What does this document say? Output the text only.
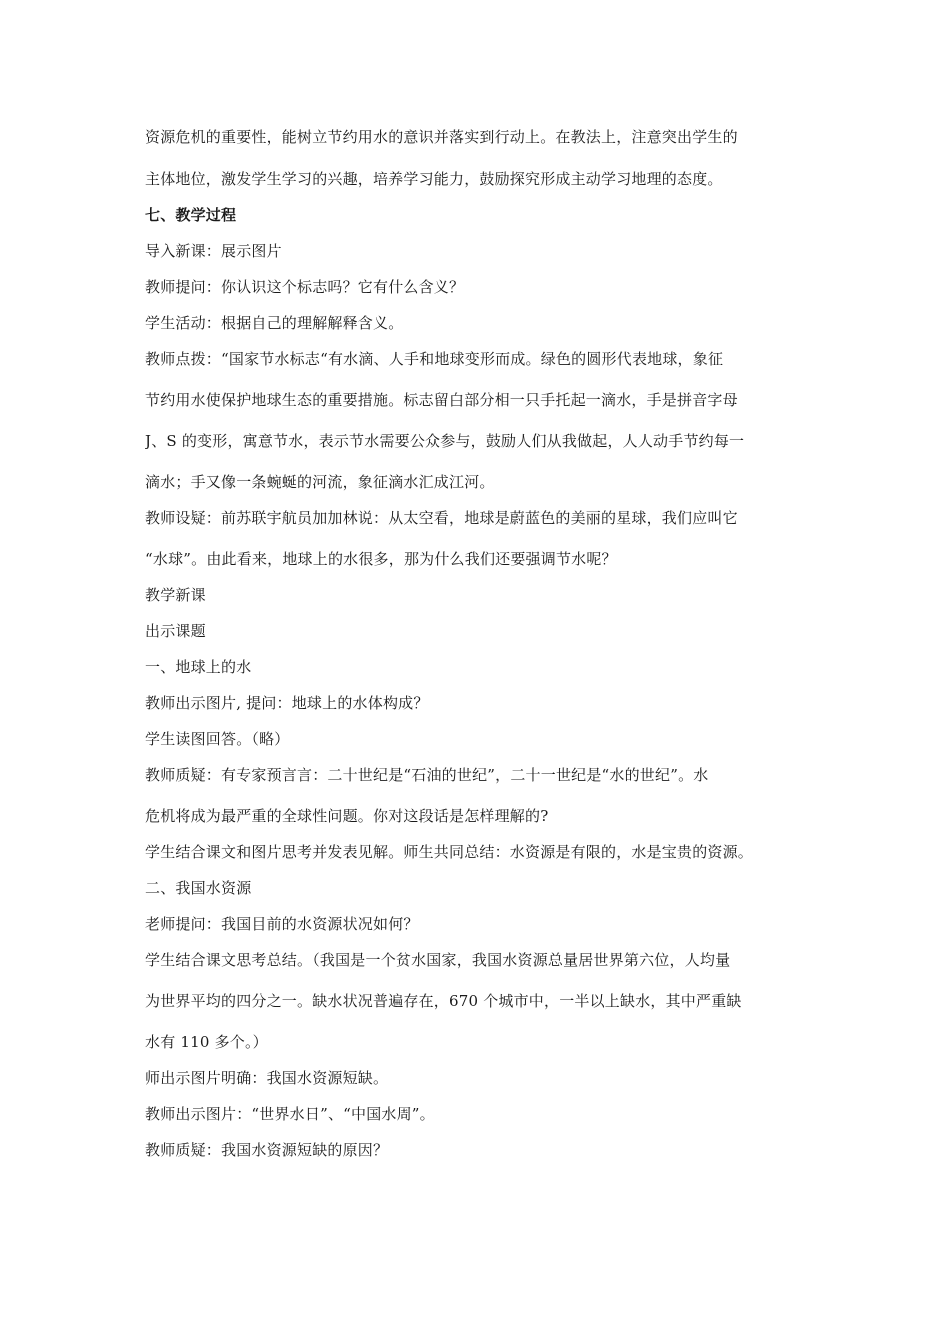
资源危机的重要性，能树立节约用水的意识并落实到行动上。在教法上，注意突出学生的
主体地位，激发学生学习的兴趣，培养学习能力，鼓励探究形成主动学习地理的态度。
七、教学过程
导入新课：展示图片
教师提问：你认识这个标志吗？它有什么含义？
学生活动：根据自己的理解解释含义。
教师点拨：“国家节水标志“有水滴、人手和地球变形而成。绿色的圆形代表地球，象征
节约用水使保护地球生态的重要措施。标志留白部分相一只手托起一滴水，手是拼音字母
J、S 的变形，寓意节水，表示节水需要公众参与，鼓励人们从我做起，人人动手节约每一
滴水；手又像一条蜿蜒的河流，象征滴水汇成江河。
教师设疑：前苏联宇航员加加林说：从太空看，地球是蔚蓝色的美丽的星球，我们应叫它
“水球”。由此看来，地球上的水很多，那为什么我们还要强调节水呢？
教学新课
出示课题
一、地球上的水
教师出示图片, 提问：地球上的水体构成？
学生读图回答。（略）
教师质疑：有专家预言言：二十世纪是“石油的世纪”，二十一世纪是“水的世纪”。水
危机将成为最严重的全球性问题。你对这段话是怎样理解的?
学生结合课文和图片思考并发表见解。师生共同总结：水资源是有限的，水是宝贵的资源。
二、我国水资源
老师提问：我国目前的水资源状况如何？
学生结合课文思考总结。（我国是一个贫水国家，我国水资源总量居世界第六位，人均量
为世界平均的四分之一。缺水状况普遍存在，670 个城市中，一半以上缺水，其中严重缺
水有 110 多个。）
师出示图片明确：我国水资源短缺。
教师出示图片：“世界水日”、“中国水周”。
教师质疑：我国水资源短缺的原因？
